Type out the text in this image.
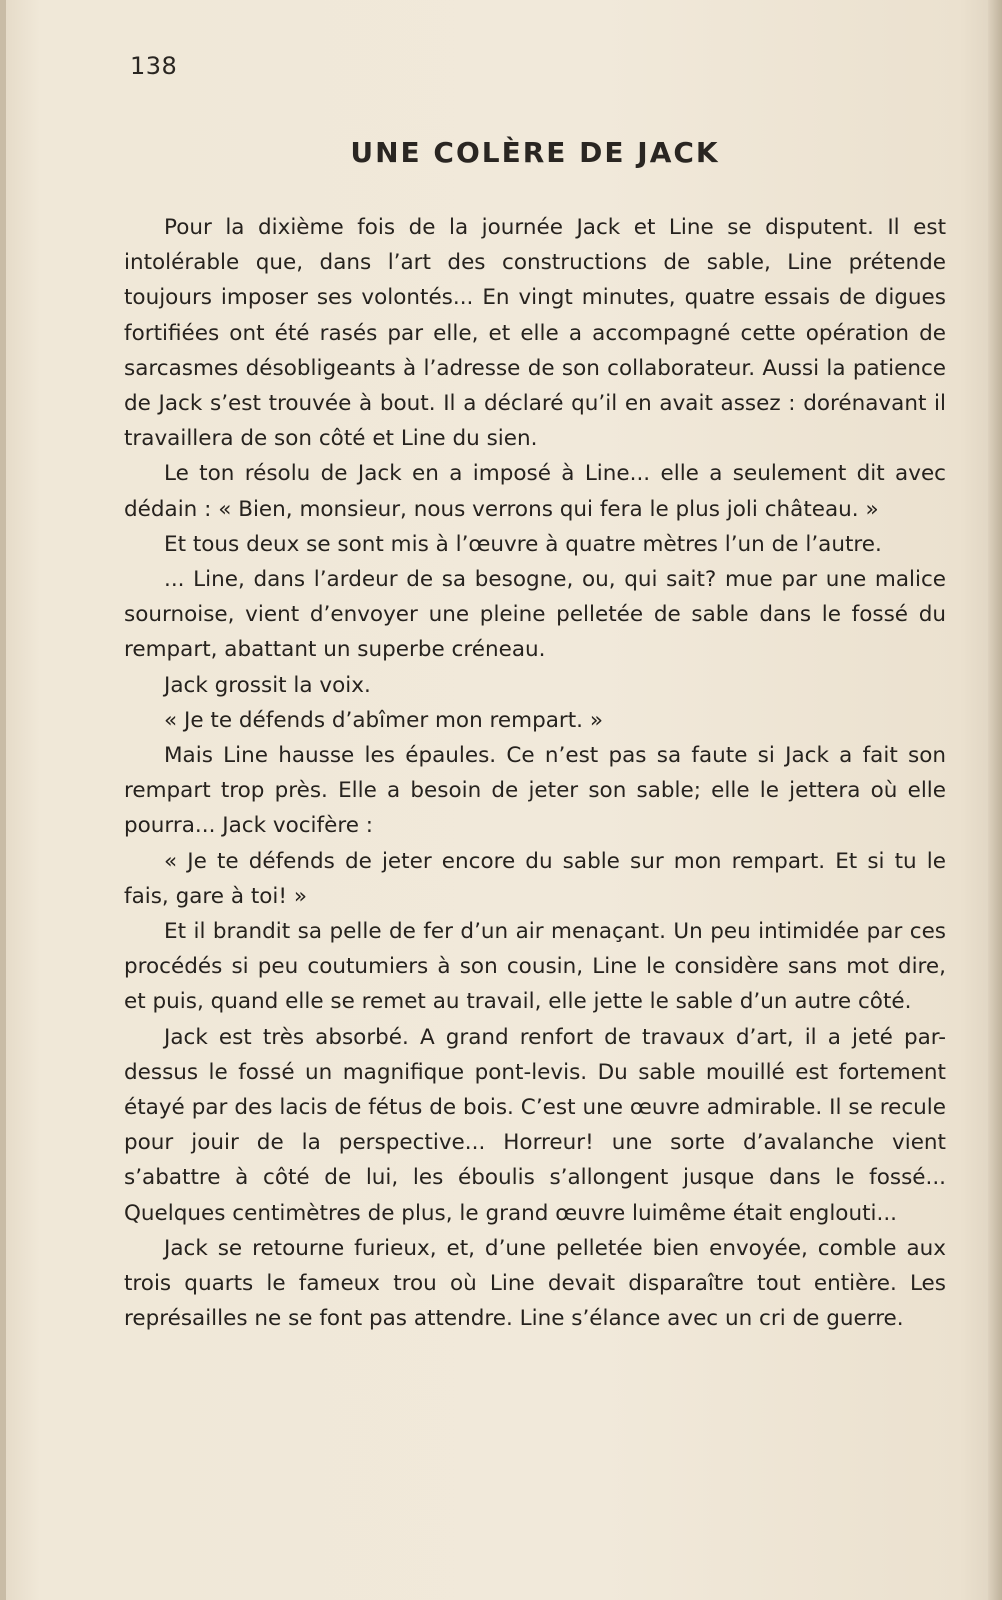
138
UNE COLÈRE DE JACK

Pour la dixième fois de la journée Jack et Line se disputent. Il est intolérable que, dans l’art des constructions de sable, Line prétende toujours imposer ses volontés... En vingt minutes, quatre essais de digues fortifiées ont été rasés par elle, et elle a accompagné cette opération de sarcasmes désobligeants à l’adresse de son collaborateur. Aussi la patience de Jack s’est trouvée à bout. Il a déclaré qu’il en avait assez : dorénavant il travaillera de son côté et Line du sien.

Le ton résolu de Jack en a imposé à Line... elle a seulement dit avec dédain : « Bien, monsieur, nous verrons qui fera le plus joli château. »

Et tous deux se sont mis à l’œuvre à quatre mètres l’un de l’autre.

... Line, dans l’ardeur de sa besogne, ou, qui sait? mue par une malice sournoise, vient d’envoyer une pleine pelletée de sable dans le fossé du rempart, abattant un superbe créneau.

Jack grossit la voix.

« Je te défends d’abîmer mon rempart. »

Mais Line hausse les épaules. Ce n’est pas sa faute si Jack a fait son rempart trop près. Elle a besoin de jeter son sable; elle le jettera où elle pourra... Jack vocifère :

« Je te défends de jeter encore du sable sur mon rempart. Et si tu le fais, gare à toi! »

Et il brandit sa pelle de fer d’un air menaçant. Un peu intimidée par ces procédés si peu coutumiers à son cousin, Line le considère sans mot dire, et puis, quand elle se remet au travail, elle jette le sable d’un autre côté.

Jack est très absorbé. A grand renfort de travaux d’art, il a jeté par-dessus le fossé un magnifique pont-levis. Du sable mouillé est fortement étayé par des lacis de fétus de bois. C’est une œuvre admirable. Il se recule pour jouir de la perspective... Horreur! une sorte d’avalanche vient s’abattre à côté de lui, les éboulis s’allongent jusque dans le fossé... Quelques centimètres de plus, le grand œuvre luimême était englouti...

Jack se retourne furieux, et, d’une pelletée bien envoyée, comble aux trois quarts le fameux trou où Line devait disparaître tout entière. Les représailles ne se font pas attendre. Line s’élance avec un cri de guerre.
